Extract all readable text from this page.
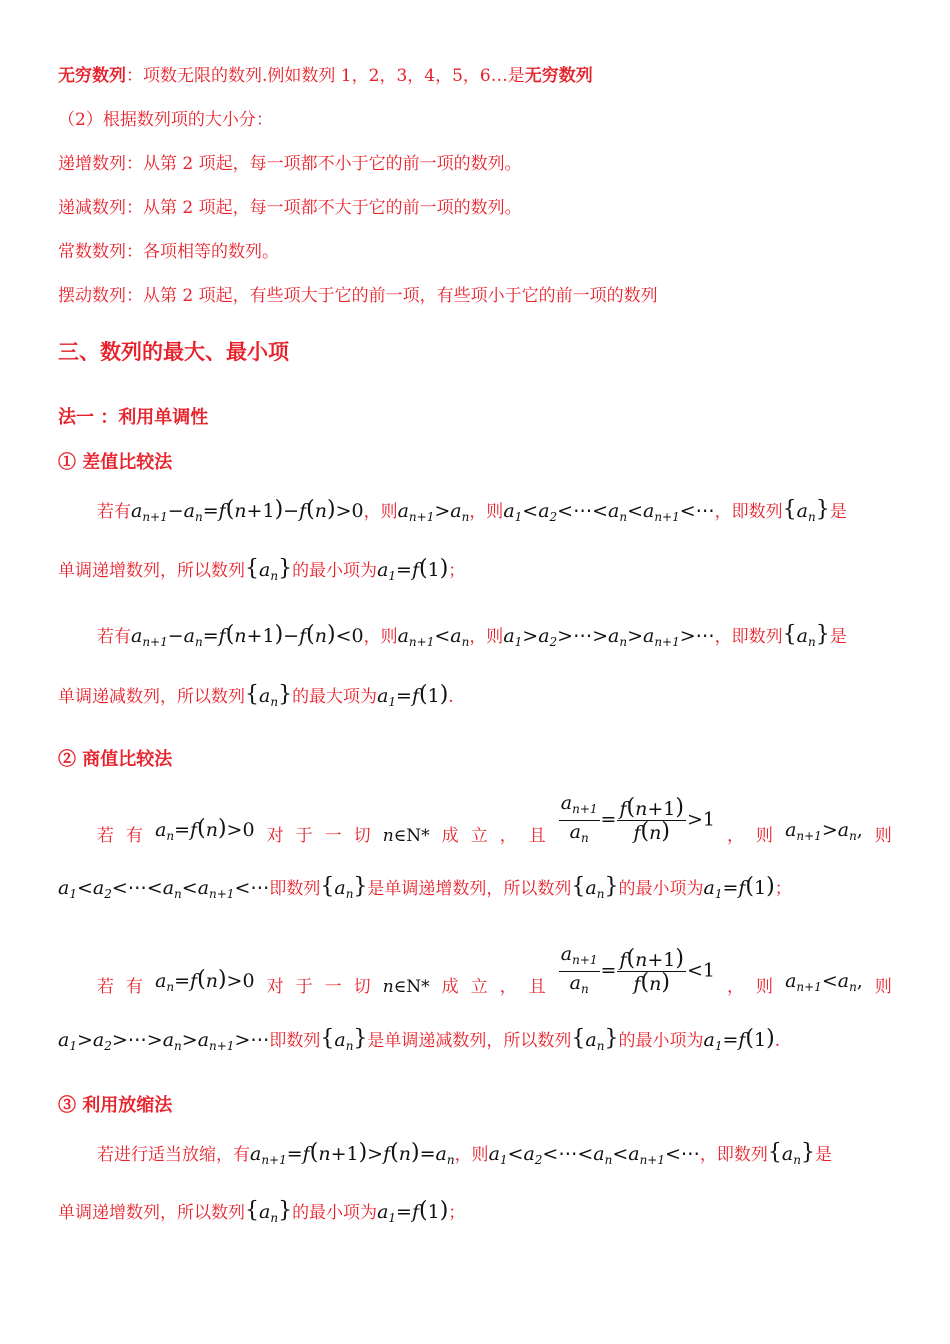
无穷数列：项数无限的数列.例如数列 1，2，3，4，5，6…是无穷数列
（2）根据数列项的大小分：
递增数列：从第 2 项起，每一项都不小于它的前一项的数列。
递减数列：从第 2 项起，每一项都不大于它的前一项的数列。
常数数列：各项相等的数列。
摆动数列：从第 2 项起，有些项大于它的前一项，有些项小于它的前一项的数列
三、数列的最大、最小项
法一 ：利用单调性
① 差值比较法
若有$a_{n+1}-a_n=f(n+1)-f(n)>0$，则$a_{n+1}>a_n$，则$a_1<a_2<\cdots<a_n<a_{n+1}<\cdots$，即数列$\{a_n\}$是
单调递增数列，所以数列$\{a_n\}$的最小项为$a_1=f(1)$；
若有$a_{n+1}-a_n=f(n+1)-f(n)<0$，则$a_{n+1}<a_n$，则$a_1>a_2>\cdots>a_n>a_{n+1}>\cdots$，即数列$\{a_n\}$是
单调递减数列，所以数列$\{a_n\}$的最大项为$a_1=f(1)$.
② 商值比较法
若 有 $a_n=f(n)>0$ 对 于 一 切 n∈N* 成 立 ， 且 $\frac{a_{n+1}}{a_n} = \frac{f(n+1)}{f(n)} >1$
， 则 $a_{n+1}>a_n$, 则
$a_1<a_2<\cdots<a_n<a_{n+1}<\cdots$即数列$\{a_n\}$是单调递增数列，所以数列$\{a_n\}$的最小项为$a_1=f(1)$；
若 有 $a_n=f(n)>0$ 对 于 一 切 n∈N* 成 立 ， 且 $\frac{a_{n+1}}{a_n} = \frac{f(n+1)}{f(n)} <1$
， 则 $a_{n+1}<a_n$, 则
$a_1>a_2>\cdots>a_n>a_{n+1}>\cdots$即数列$\{a_n\}$是单调递减数列，所以数列$\{a_n\}$的最小项为$a_1=f(1)$.
③ 利用放缩法
若进行适当放缩，有$a_{n+1}=f(n+1)>f(n)=a_n$，则$a_1<a_2<\cdots<a_n<a_{n+1}<\cdots$，即数列$\{a_n\}$是
单调递增数列，所以数列$\{a_n\}$的最小项为$a_1=f(1)$；
